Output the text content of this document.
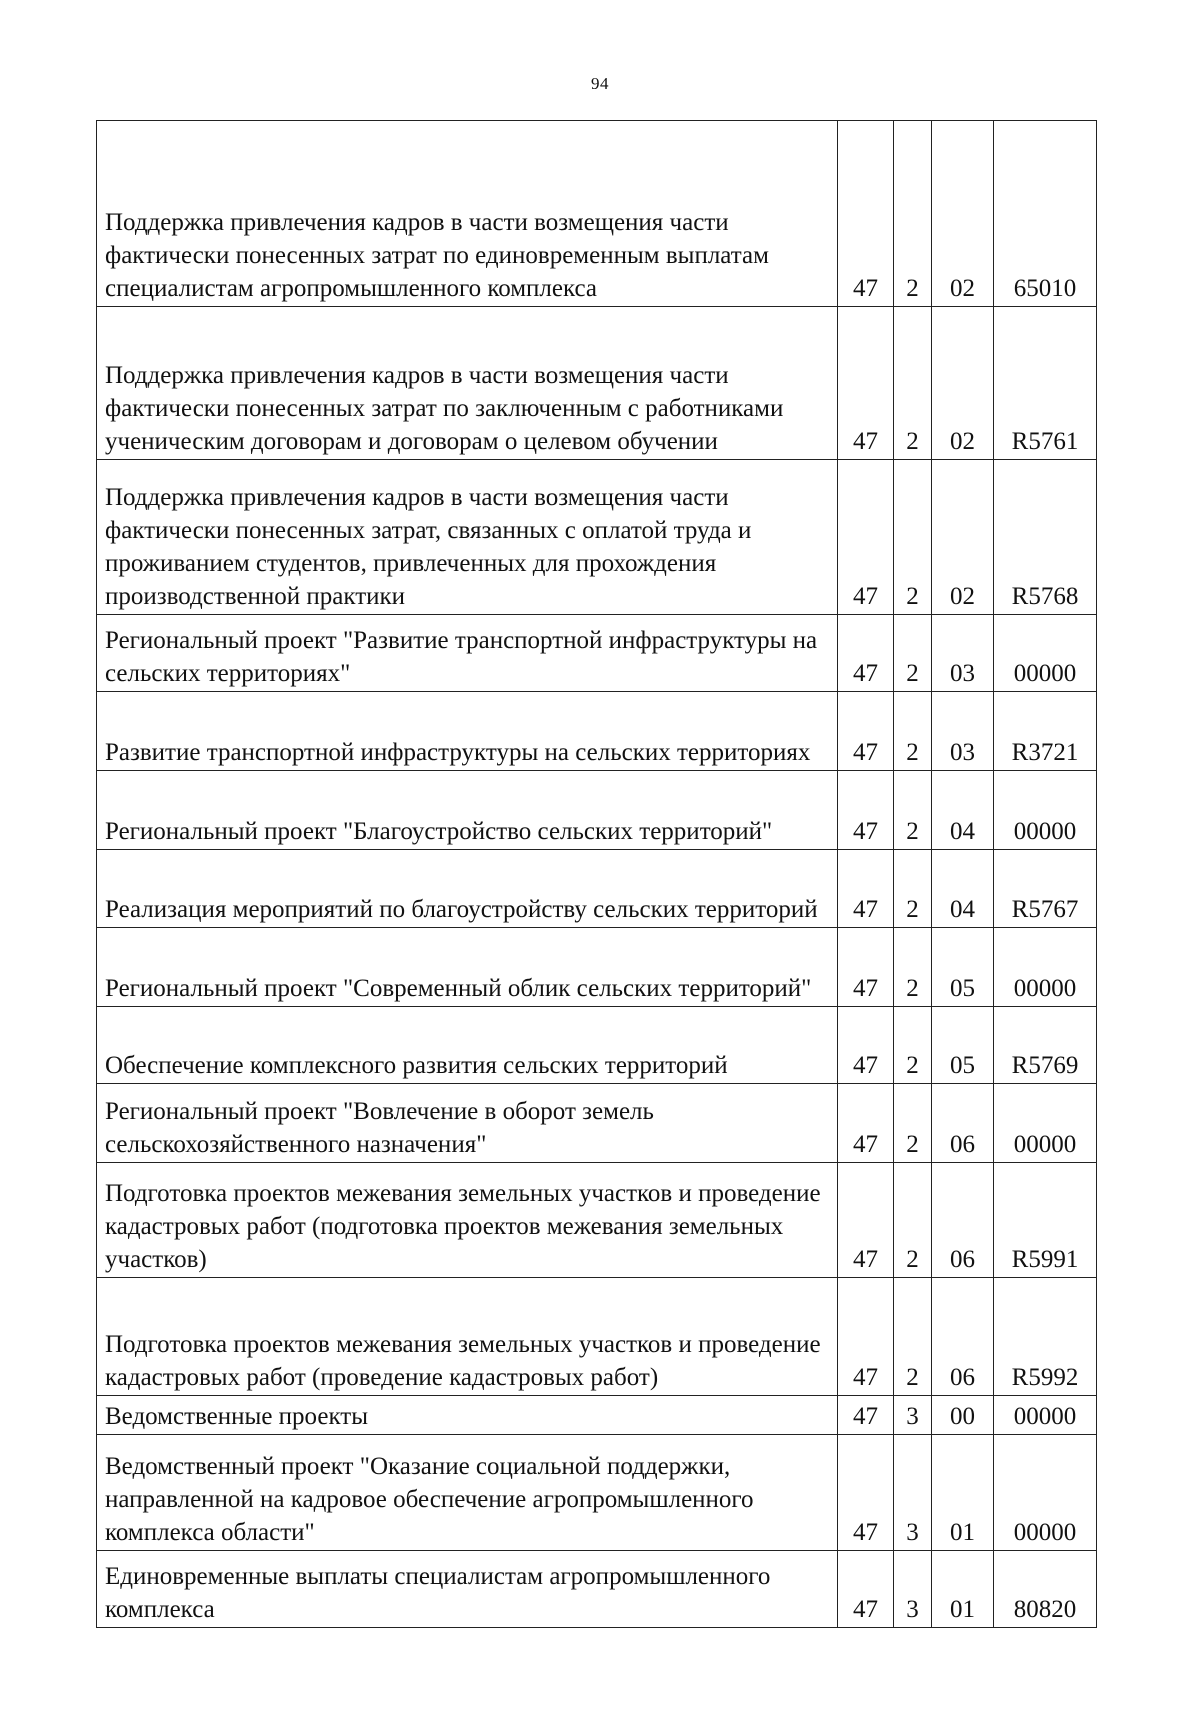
94

Поддержка привлечения кадров в части возмещения части фактически понесенных затрат по единовременным выплатам специалистам агропромышленного комплекса	47	2	02	65010
Поддержка привлечения кадров в части возмещения части фактически понесенных затрат по заключенным с работниками ученическим договорам и договорам о целевом обучении	47	2	02	R5761
Поддержка привлечения кадров в части возмещения части фактически понесенных затрат, связанных с оплатой труда и проживанием студентов, привлеченных для прохождения производственной практики	47	2	02	R5768
Региональный проект "Развитие транспортной инфраструктуры на сельских территориях"	47	2	03	00000
Развитие транспортной инфраструктуры на сельских территориях	47	2	03	R3721
Региональный проект "Благоустройство сельских территорий"	47	2	04	00000
Реализация мероприятий по благоустройству сельских территорий	47	2	04	R5767
Региональный проект "Современный облик сельских территорий"	47	2	05	00000
Обеспечение комплексного развития сельских территорий	47	2	05	R5769
Региональный проект "Вовлечение в оборот земель сельскохозяйственного назначения"	47	2	06	00000
Подготовка проектов межевания земельных участков и проведение кадастровых работ (подготовка проектов межевания земельных участков)	47	2	06	R5991
Подготовка проектов межевания земельных участков и проведение кадастровых работ (проведение кадастровых работ)	47	2	06	R5992
Ведомственные проекты	47	3	00	00000
Ведомственный проект "Оказание социальной поддержки, направленной на кадровое обеспечение агропромышленного комплекса области"	47	3	01	00000
Единовременные выплаты специалистам агропромышленного комплекса	47	3	01	80820
